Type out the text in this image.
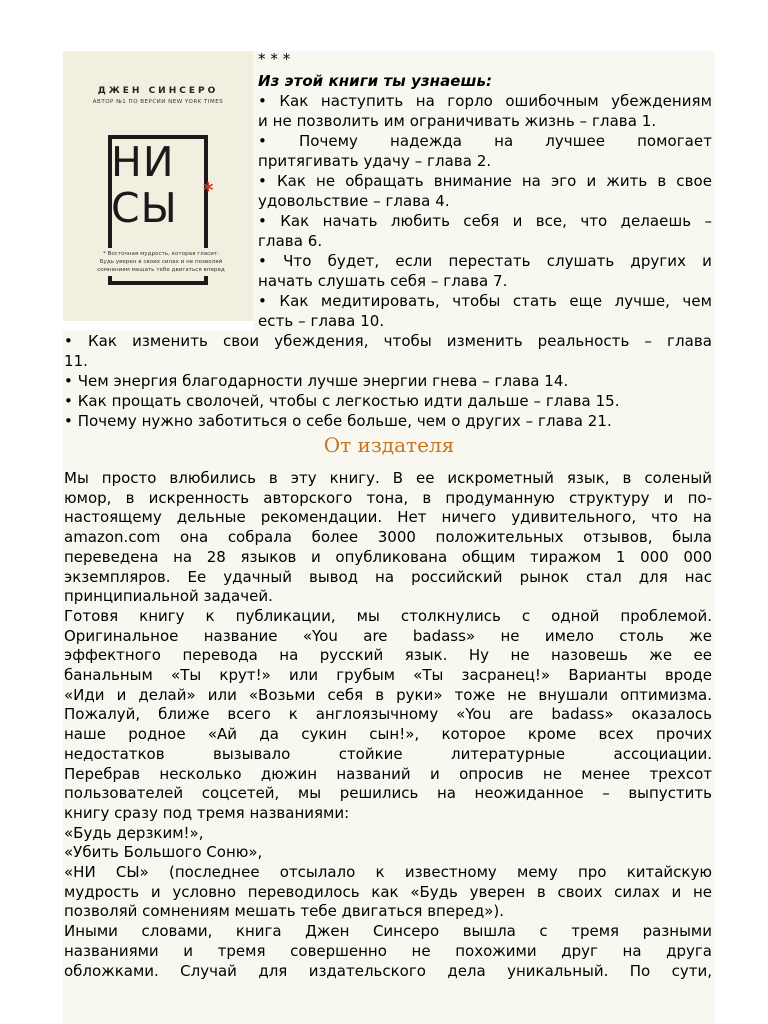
ДЖЕН СИНСЕРО
АВТОР №1 ПО ВЕРСИИ NEW YORK TIMES
НИ
СЫ	*
* Восточная мудрость, которая гласит:
Будь уверен в своих силах и не позволяй
сомнениям мешать тебе двигаться вперед
* * *
Из этой книги ты узнаешь:
• Как наступить на горло ошибочным убеждениям
и не позволить им ограничивать жизнь – глава 1.
• Почему надежда на лучшее помогает
притягивать удачу – глава 2.
• Как не обращать внимание на эго и жить в свое
удовольствие – глава 4.
• Как начать любить себя и все, что делаешь –
глава 6.
• Что будет, если перестать слушать других и
начать слушать себя – глава 7.
• Как медитировать, чтобы стать еще лучше, чем
есть – глава 10.
• Как изменить свои убеждения, чтобы изменить реальность – глава
11.
• Чем энергия благодарности лучше энергии гнева – глава 14.
• Как прощать сволочей, чтобы с легкостью идти дальше – глава 15.
• Почему нужно заботиться о себе больше, чем о других – глава 21.
От издателя

Мы просто влюбились в эту книгу. В ее искрометный язык, в соленый

юмор, в искренность авторского тона, в продуманную структуру и по-

настоящему дельные рекомендации. Нет ничего удивительного, что на

amazon.com она собрала более 3000 положительных отзывов, была

переведена на 28 языков и опубликована общим тиражом 1 000 000

экземпляров. Ее удачный вывод на российский рынок стал для нас

принципиальной задачей.

Готовя книгу к публикации, мы столкнулись с одной проблемой.

Оригинальное название «You are badass» не имело столь же

эффектного перевода на русский язык. Ну не назовешь же ее

банальным «Ты крут!» или грубым «Ты засранец!» Варианты вроде

«Иди и делай» или «Возьми себя в руки» тоже не внушали оптимизма.

Пожалуй, ближе всего к англоязычному «You are badass» оказалось

наше родное «Ай да сукин сын!», которое кроме всех прочих

недостатков вызывало стойкие литературные ассоциации.

Перебрав несколько дюжин названий и опросив не менее трехсот

пользователей соцсетей, мы решились на неожиданное – выпустить

книгу сразу под тремя названиями:

«Будь дерзким!»,

«Убить Большого Соню»,

«НИ СЫ» (последнее отсылало к известному мему про китайскую

мудрость и условно переводилось как «Будь уверен в своих силах и не

позволяй сомнениям мешать тебе двигаться вперед»).

Иными словами, книга Джен Синсеро вышла с тремя разными

названиями и тремя совершенно не похожими друг на друга

обложками. Случай для издательского дела уникальный. По сути,
